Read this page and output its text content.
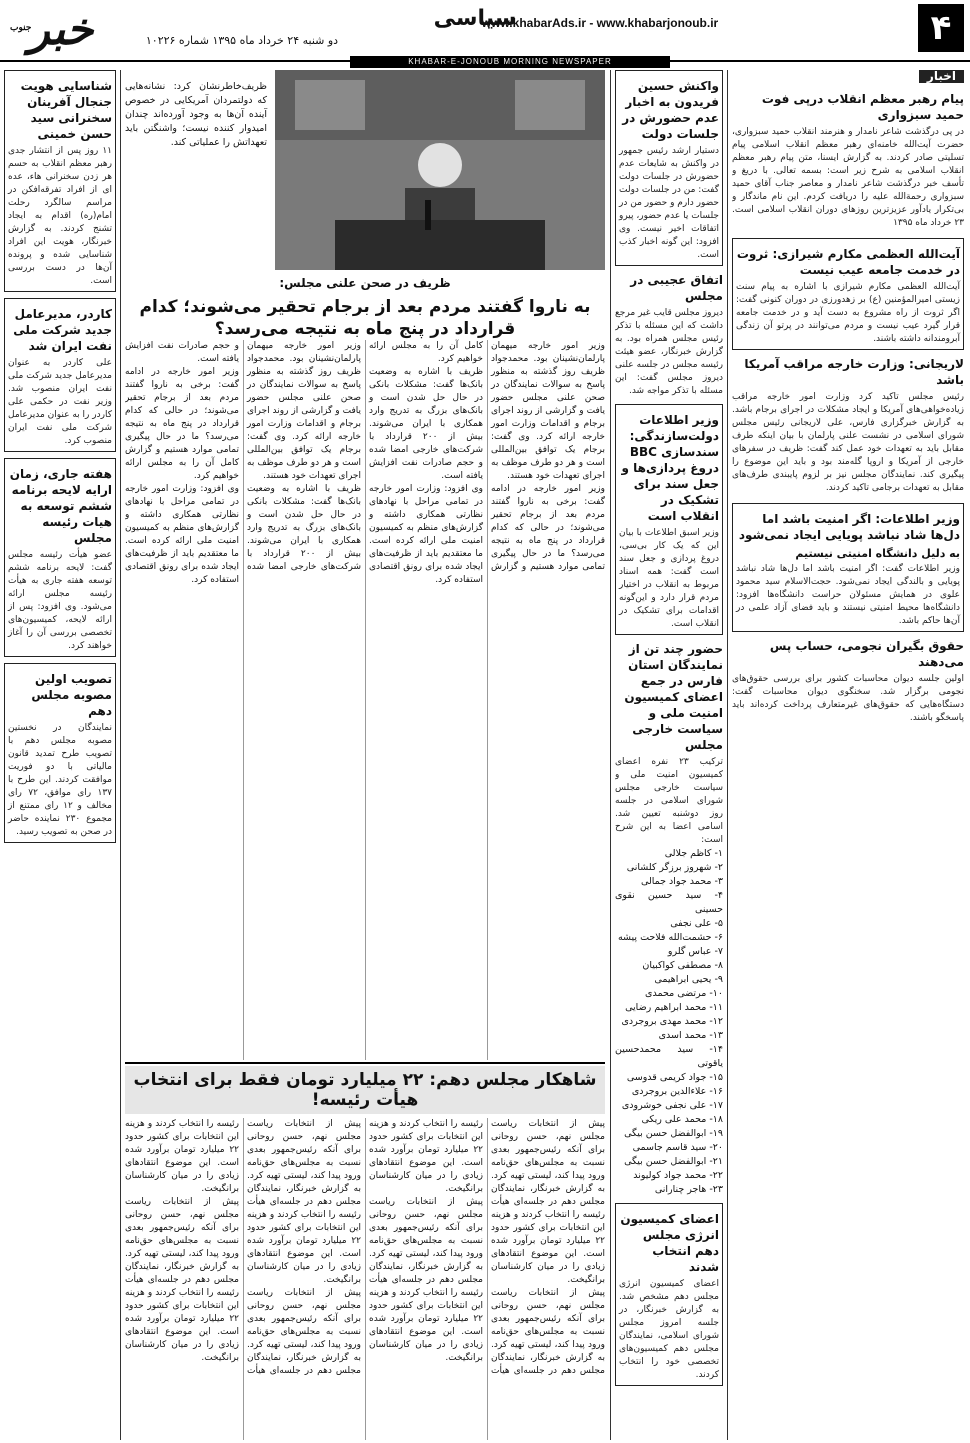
۴
www.khabarAds.ir - www.khabarjonoub.ir
سیاسی
دو شنبه ۲۴ خرداد ماه ۱۳۹۵ شماره ۱۰۲۲۶
خبر
جنوب
KHABAR-E-JONOUB MORNING NEWSPAPER
اخبار
پیام رهبر معظم انقلاب درپی فوت حمید سبزواری
در پی درگذشت شاعر نامدار و هنرمند انقلاب حمید سبزواری، حضرت آیت‌الله خامنه‌ای رهبر معظم انقلاب اسلامی پیام تسلیتی صادر کردند. به گزارش ایسنا، متن پیام رهبر معظم انقلاب اسلامی به شرح زیر است: بسمه تعالی. با دریغ و تأسف خبر درگذشت شاعر نامدار و معاصر جناب آقای حمید سبزواری رحمة‌الله علیه را دریافت کردم. این نام ماندگار و بی‌تکرار یادآور عزیزترین روزهای دوران انقلاب اسلامی است. ۲۳ خرداد ماه ۱۳۹۵
آیت‌الله العظمی مکارم شیرازی: ثروت در خدمت جامعه عیب نیست
آیت‌الله العظمی مکارم شیرازی با اشاره به پیام سنت زیستی امیرالمؤمنین (ع) بر زهدورزی در دوران کنونی گفت: اگر ثروت از راه مشروع به دست آید و در خدمت جامعه قرار گیرد عیب نیست و مردم می‌توانند در پرتو آن زندگی آبرومندانه داشته باشند.
لاریجانی: وزارت خارجه مراقب آمریکا باشد
رئیس مجلس تاکید کرد وزارت امور خارجه مراقب زیاده‌خواهی‌های آمریکا و ایجاد مشکلات در اجرای برجام باشد. به گزارش خبرگزاری فارس، علی لاریجانی رئیس مجلس شورای اسلامی در نشست علنی پارلمان با بیان اینکه طرف مقابل باید به تعهدات خود عمل کند گفت: ظریف در سفرهای خارجی از آمریکا و اروپا گله‌مند بود و باید این موضوع را پیگیری کند. نمایندگان مجلس نیز بر لزوم پایبندی طرف‌های مقابل به تعهدات برجامی تاکید کردند.
وزیر اطلاعات: اگر امنیت باشد اما دل‌ها شاد نباشد پویایی ایجاد نمی‌شود
به دلیل دانشگاه امنیتی نیستیم
وزیر اطلاعات گفت: اگر امنیت باشد اما دل‌ها شاد نباشد پویایی و بالندگی ایجاد نمی‌شود. حجت‌الاسلام سید محمود علوی در همایش مسئولان حراست دانشگاه‌ها افزود: دانشگاه‌ها محیط امنیتی نیستند و باید فضای آزاد علمی در آن‌ها حاکم باشد.
حقوق بگیران نجومی، حساب پس می‌دهند
اولین جلسه دیوان محاسبات کشور برای بررسی حقوق‌های نجومی برگزار شد. سخنگوی دیوان محاسبات گفت: دستگاه‌هایی که حقوق‌های غیرمتعارف پرداخت کرده‌اند باید پاسخگو باشند.
واکنش حسین فریدون به اخبار عدم حضورش در جلسات دولت
دستیار ارشد رئیس جمهور در واکنش به شایعات عدم حضورش در جلسات دولت گفت: من در جلسات دولت حضور دارم و حضور من در جلسات یا عدم حضور، پیرو اتفاقات اخیر نیست. وی افزود: این گونه اخبار کذب است.
اتفاق عجیبی در مجلس
دیروز مجلس قایب غیر مرجع داشت که این مسئله با تذکر رئیس مجلس همراه بود. به گزارش خبرنگار، عضو هیئت رئیسه مجلس در جلسه علنی دیروز مجلس گفت: این مسئله با تذکر مواجه شد.
وزیر اطلاعات دولت‌سازندگی: سندسازی BBC دروغ پردازی‌ها و جعل سند برای تشکیک در انقلاب است
وزیر اسبق اطلاعات با بیان این که یک کار بی‌سی، دروغ پردازی و جعل سند است گفت: همه اسناد مربوط به انقلاب در اختیار مردم قرار دارد و این‌گونه اقدامات برای تشکیک در انقلاب است.
حضور چند تن از نمایندگان استان فارس در جمع اعضای کمیسیون امنیت ملی و سیاست خارجی مجلس
ترکیب ۲۳ نفره اعضای کمیسیون امنیت ملی و سیاست خارجی مجلس شورای اسلامی در جلسه روز دوشنبه تعیین شد. اسامی اعضا به این شرح است:
۱- کاظم جلالی
۲- شهروز برزگر کلشانی
۳- محمد جواد جمالی
۴- سید حسین نقوی حسینی
۵- علی نجفی
۶- حشمت‌الله فلاحت پیشه
۷- عباس گلرو
۸- مصطفی کواکبیان
۹- یحیی ابراهیمی
۱۰- مرتضی محمدی
۱۱- محمد ابراهیم رضایی
۱۲- محمد مهدی بروجردی
۱۳- محمد اسدی
۱۴- سید محمدحسین یاقوتی
۱۵- جواد کریمی قدوسی
۱۶- علاءالدین بروجردی
۱۷- علی نجفی خوشرودی
۱۸- محمد علی ریکی
۱۹- ابوالفضل حسن بیگی
۲۰- سید قاسم جاسمی
۲۱- ابوالفضل حسن بیگی
۲۲- محمد جواد کولیوند
۲۳- هاجر چنارانی
اعضای کمیسیون انرژی مجلس دهم انتخاب شدند
اعضای کمیسیون انرژی مجلس دهم مشخص شد. به گزارش خبرنگار، در جلسه امروز مجلس شورای اسلامی، نمایندگان مجلس دهم کمیسیون‌های تخصصی خود را انتخاب کردند.
ظریف‌خاطرنشان کرد: نشانه‌هایی که دولتمردان آمریکایی در خصوص آینده آن‌ها به وجود آورده‌اند چندان امیدوار کننده نیست؛ واشنگتن باید تعهداتش را عملیاتی کند.
ظریف در صحن علنی مجلس:
به ناروا گفتند مردم بعد از برجام تحقیر می‌شوند؛ کدام قرارداد در پنج ماه به نتیجه می‌رسد؟

وزیر امور خارجه میهمان پارلمان‌نشینان بود. محمدجواد ظریف روز گذشته به منظور پاسخ به سوالات نمایندگان در صحن علنی مجلس حضور یافت و گزارشی از روند اجرای برجام و اقدامات وزارت امور خارجه ارائه کرد. وی گفت: برجام یک توافق بین‌المللی است و هر دو طرف موظف به اجرای تعهدات خود هستند.

وزیر امور خارجه در ادامه گفت: برخی به ناروا گفتند مردم بعد از برجام تحقیر می‌شوند؛ در حالی که کدام قرارداد در پنج ماه به نتیجه می‌رسد؟ ما در حال پیگیری تمامی موارد هستیم و گزارش کامل آن را به مجلس ارائه خواهیم کرد.

ظریف با اشاره به وضعیت بانک‌ها گفت: مشکلات بانکی در حال حل شدن است و بانک‌های بزرگ به تدریج وارد همکاری با ایران می‌شوند. بیش از ۲۰۰ قرارداد با شرکت‌های خارجی امضا شده و حجم صادرات نفت افزایش یافته است.

وی افزود: وزارت امور خارجه در تمامی مراحل با نهادهای نظارتی همکاری داشته و گزارش‌های منظم به کمیسیون امنیت ملی ارائه کرده است. ما معتقدیم باید از ظرفیت‌های ایجاد شده برای رونق اقتصادی استفاده کرد.

وزیر امور خارجه میهمان پارلمان‌نشینان بود. محمدجواد ظریف روز گذشته به منظور پاسخ به سوالات نمایندگان در صحن علنی مجلس حضور یافت و گزارشی از روند اجرای برجام و اقدامات وزارت امور خارجه ارائه کرد. وی گفت: برجام یک توافق بین‌المللی است و هر دو طرف موظف به اجرای تعهدات خود هستند.

ظریف با اشاره به وضعیت بانک‌ها گفت: مشکلات بانکی در حال حل شدن است و بانک‌های بزرگ به تدریج وارد همکاری با ایران می‌شوند. بیش از ۲۰۰ قرارداد با شرکت‌های خارجی امضا شده و حجم صادرات نفت افزایش یافته است.

وزیر امور خارجه در ادامه گفت: برخی به ناروا گفتند مردم بعد از برجام تحقیر می‌شوند؛ در حالی که کدام قرارداد در پنج ماه به نتیجه می‌رسد؟ ما در حال پیگیری تمامی موارد هستیم و گزارش کامل آن را به مجلس ارائه خواهیم کرد.

وی افزود: وزارت امور خارجه در تمامی مراحل با نهادهای نظارتی همکاری داشته و گزارش‌های منظم به کمیسیون امنیت ملی ارائه کرده است. ما معتقدیم باید از ظرفیت‌های ایجاد شده برای رونق اقتصادی استفاده کرد.

شاهکار مجلس دهم: ۲۲ میلیارد تومان فقط برای انتخاب هیأت رئیسه!

پیش از انتخابات ریاست مجلس نهم، حسن روحانی برای آنکه رئیس‌جمهور بعدی نسبت به مجلس‌های حق‌نامه ورود پیدا کند، لیستی تهیه کرد. به گزارش خبرنگار، نمایندگان مجلس دهم در جلسه‌ای هیأت رئیسه را انتخاب کردند و هزینه این انتخابات برای کشور حدود ۲۲ میلیارد تومان برآورد شده است. این موضوع انتقادهای زیادی را در میان کارشناسان برانگیخت.

پیش از انتخابات ریاست مجلس نهم، حسن روحانی برای آنکه رئیس‌جمهور بعدی نسبت به مجلس‌های حق‌نامه ورود پیدا کند، لیستی تهیه کرد. به گزارش خبرنگار، نمایندگان مجلس دهم در جلسه‌ای هیأت رئیسه را انتخاب کردند و هزینه این انتخابات برای کشور حدود ۲۲ میلیارد تومان برآورد شده است. این موضوع انتقادهای زیادی را در میان کارشناسان برانگیخت.

پیش از انتخابات ریاست مجلس نهم، حسن روحانی برای آنکه رئیس‌جمهور بعدی نسبت به مجلس‌های حق‌نامه ورود پیدا کند، لیستی تهیه کرد. به گزارش خبرنگار، نمایندگان مجلس دهم در جلسه‌ای هیأت رئیسه را انتخاب کردند و هزینه این انتخابات برای کشور حدود ۲۲ میلیارد تومان برآورد شده است. این موضوع انتقادهای زیادی را در میان کارشناسان برانگیخت.

پیش از انتخابات ریاست مجلس نهم، حسن روحانی برای آنکه رئیس‌جمهور بعدی نسبت به مجلس‌های حق‌نامه ورود پیدا کند، لیستی تهیه کرد. به گزارش خبرنگار، نمایندگان مجلس دهم در جلسه‌ای هیأت رئیسه را انتخاب کردند و هزینه این انتخابات برای کشور حدود ۲۲ میلیارد تومان برآورد شده است. این موضوع انتقادهای زیادی را در میان کارشناسان برانگیخت.

پیش از انتخابات ریاست مجلس نهم، حسن روحانی برای آنکه رئیس‌جمهور بعدی نسبت به مجلس‌های حق‌نامه ورود پیدا کند، لیستی تهیه کرد. به گزارش خبرنگار، نمایندگان مجلس دهم در جلسه‌ای هیأت رئیسه را انتخاب کردند و هزینه این انتخابات برای کشور حدود ۲۲ میلیارد تومان برآورد شده است. این موضوع انتقادهای زیادی را در میان کارشناسان برانگیخت.

پیش از انتخابات ریاست مجلس نهم، حسن روحانی برای آنکه رئیس‌جمهور بعدی نسبت به مجلس‌های حق‌نامه ورود پیدا کند، لیستی تهیه کرد. به گزارش خبرنگار، نمایندگان مجلس دهم در جلسه‌ای هیأت رئیسه را انتخاب کردند و هزینه این انتخابات برای کشور حدود ۲۲ میلیارد تومان برآورد شده است. این موضوع انتقادهای زیادی را در میان کارشناسان برانگیخت.

شناسایی هویت جنجال آفرینان سخنرانی سید حسن خمینی
۱۱ روز پس از انتشار جدی رهبر معظم انقلاب به حسم هر زدن سخنرانی هاء، عده ای از افراد تفرقه‌افکن در مراسم سالگرد رحلت امام(ره) اقدام به ایجاد تشنج کردند. به گزارش خبرنگار، هویت این افراد شناسایی شده و پرونده آن‌ها در دست بررسی است.
کاردر، مدیرعامل جدید شرکت ملی نفت ایران شد
علی کاردر به عنوان مدیرعامل جدید شرکت ملی نفت ایران منصوب شد. وزیر نفت در حکمی علی کاردر را به عنوان مدیرعامل شرکت ملی نفت ایران منصوب کرد.
هفته جاری، زمان ارایه لایحه برنامه ششم توسعه به هیات رئیسه مجلس
عضو هیأت رئیسه مجلس گفت: لایحه برنامه ششم توسعه هفته جاری به هیأت رئیسه مجلس ارائه می‌شود. وی افزود: پس از ارائه لایحه، کمیسیون‌های تخصصی بررسی آن را آغاز خواهند کرد.
تصویب اولین مصوبه مجلس دهم
نمایندگان در نخستین مصوبه مجلس دهم با تصویب طرح تمدید قانون مالیاتی با دو فوریت موافقت کردند. این طرح با ۱۳۷ رای موافق، ۷۲ رای مخالف و ۱۲ رای ممتنع از مجموع ۲۳۰ نماینده حاضر در صحن به تصویب رسید.
